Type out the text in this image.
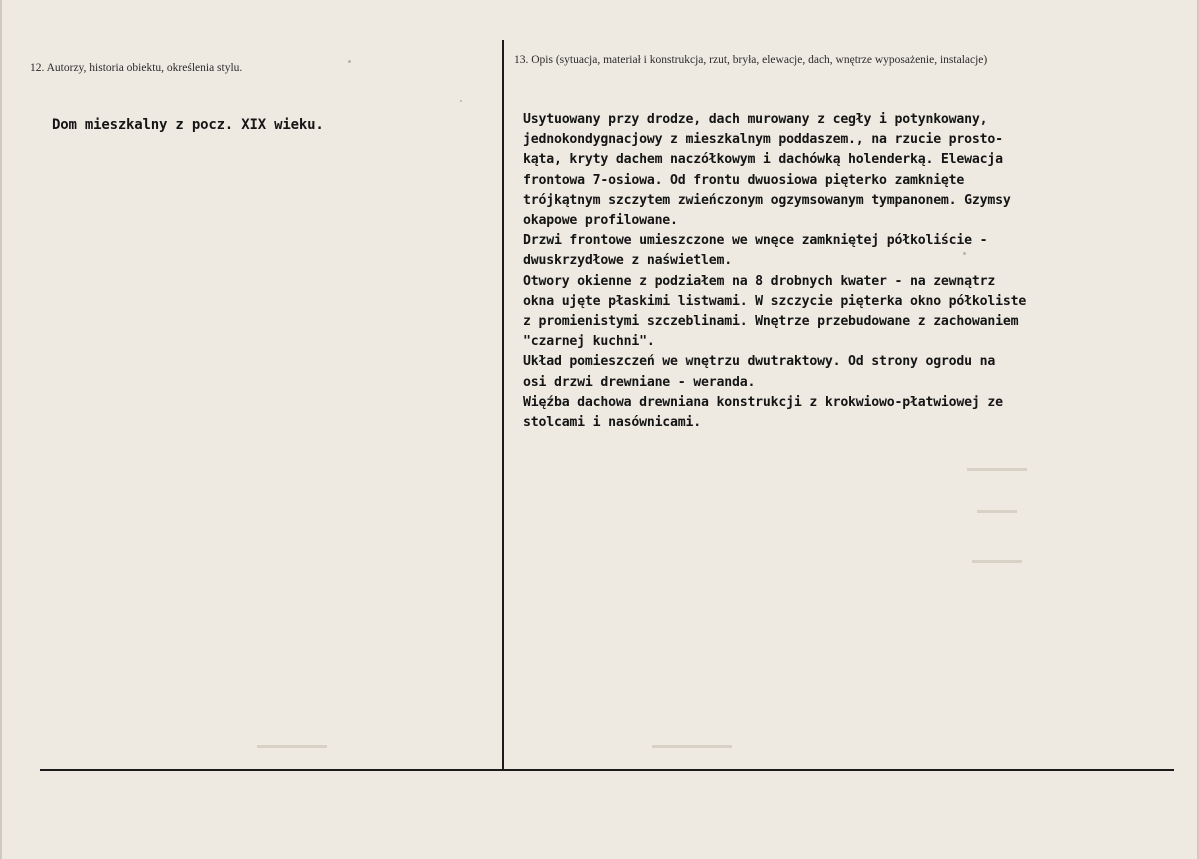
12. Autorzy, historia obiektu, określenia stylu.
13. Opis (sytuacja, materiał i konstrukcja, rzut, bryła, elewacje, dach, wnętrze wyposażenie, instalacje)
Dom mieszkalny z pocz. XIX wieku.	Usytuowany przy drodze, dach murowany z cegły i potynkowany,
jednokondygnacjowy z mieszkalnym poddaszem., na rzucie prosto-
kąta, kryty dachem naczółkowym i dachówką holenderką. Elewacja
frontowa 7-osiowa. Od frontu dwuosiowa pięterko zamknięte
trójkątnym szczytem zwieńczonym ogzymsowanym tympanonem. Gzymsy
okapowe profilowane.
Drzwi frontowe umieszczone we wnęce zamkniętej półkoliście -
dwuskrzydłowe z naświetlem.
Otwory okienne z podziałem na 8 drobnych kwater - na zewnątrz
okna ujęte płaskimi listwami. W szczycie pięterka okno półkoliste
z promienistymi szczeblinami. Wnętrze przebudowane z zachowaniem
"czarnej kuchni".
Układ pomieszczeń we wnętrzu dwutraktowy. Od strony ogrodu na
osi drzwi drewniane - weranda.
Więźba dachowa drewniana konstrukcji z krokwiowo-płatwiowej ze
stolcami i nasównicami.
